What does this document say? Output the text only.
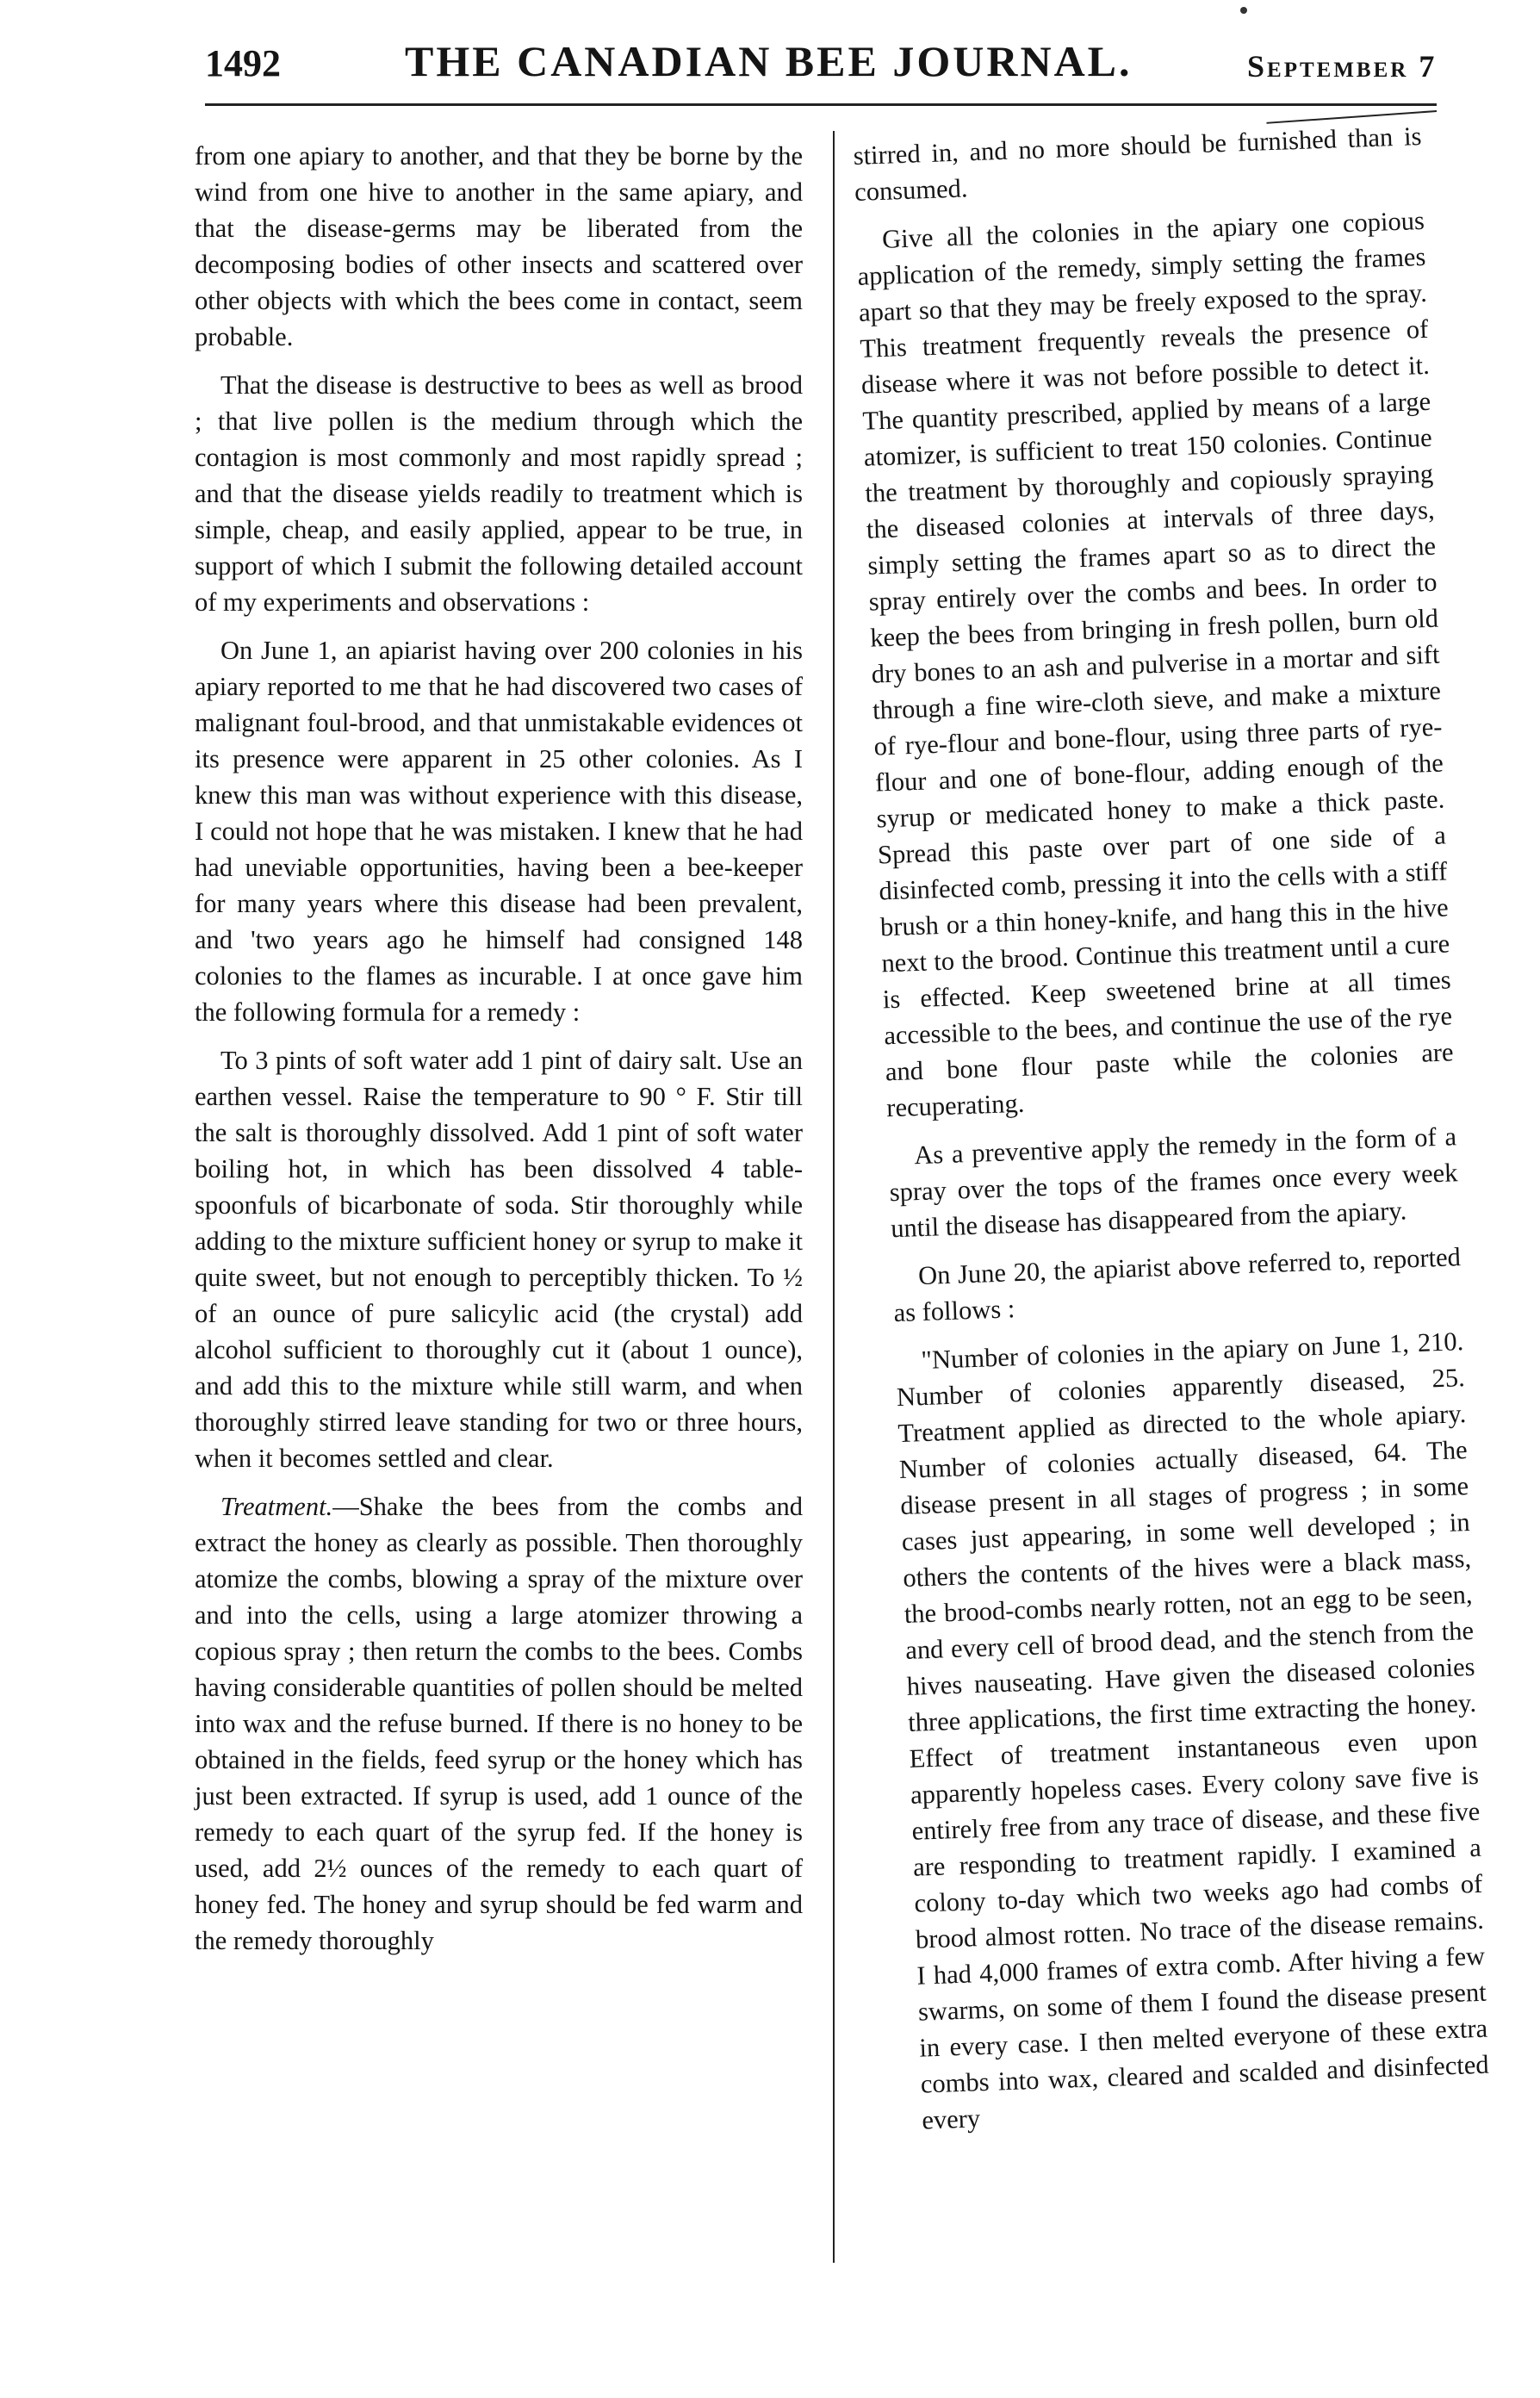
1492	THE CANADIAN BEE JOURNAL.	September 7

from one apiary to another, and that they be borne by the wind from one hive to another in the same apiary, and that the disease-germs may be liberated from the decomposing bodies of other insects and scattered over other objects with which the bees come in contact, seem probable.

That the disease is destructive to bees as well as brood ; that live pollen is the medium through which the contagion is most commonly and most rapidly spread ; and that the disease yields readily to treatment which is simple, cheap, and easily applied, appear to be true, in support of which I submit the following detailed account of my experiments and observations :

On June 1, an apiarist having over 200 colonies in his apiary reported to me that he had discovered two cases of malignant foul-brood, and that unmistakable evidences ot its presence were apparent in 25 other colonies. As I knew this man was without experience with this disease, I could not hope that he was mistaken. I knew that he had had uneviable opportunities, having been a bee-keeper for many years where this disease had been prevalent, and 'two years ago he himself had consigned 148 colonies to the flames as incurable. I at once gave him the following formula for a remedy :

To 3 pints of soft water add 1 pint of dairy salt. Use an earthen vessel. Raise the temperature to 90 ° F. Stir till the salt is thoroughly dissolved. Add 1 pint of soft water boiling hot, in which has been dissolved 4 table-spoonfuls of bicarbonate of soda. Stir thoroughly while adding to the mixture sufficient honey or syrup to make it quite sweet, but not enough to perceptibly thicken. To ½ of an ounce of pure salicylic acid (the crystal) add alcohol sufficient to thoroughly cut it (about 1 ounce), and add this to the mixture while still warm, and when thoroughly stirred leave standing for two or three hours, when it becomes settled and clear.

Treatment.—Shake the bees from the combs and extract the honey as clearly as possible. Then thoroughly atomize the combs, blowing a spray of the mixture over and into the cells, using a large atomizer throwing a copious spray ; then return the combs to the bees. Combs having considerable quantities of pollen should be melted into wax and the refuse burned. If there is no honey to be obtained in the fields, feed syrup or the honey which has just been extracted. If syrup is used, add 1 ounce of the remedy to each quart of the syrup fed. If the honey is used, add 2½ ounces of the remedy to each quart of honey fed. The honey and syrup should be fed warm and the remedy thoroughly

stirred in, and no more should be furnished than is consumed.

Give all the colonies in the apiary one copious application of the remedy, simply setting the frames apart so that they may be freely exposed to the spray. This treatment frequently reveals the presence of disease where it was not before possible to detect it. The quantity prescribed, applied by means of a large atomizer, is sufficient to treat 150 colonies. Continue the treatment by thoroughly and copiously spraying the diseased colonies at intervals of three days, simply setting the frames apart so as to direct the spray entirely over the combs and bees. In order to keep the bees from bringing in fresh pollen, burn old dry bones to an ash and pulverise in a mortar and sift through a fine wire-cloth sieve, and make a mixture of rye-flour and bone-flour, using three parts of rye-flour and one of bone-flour, adding enough of the syrup or medicated honey to make a thick paste. Spread this paste over part of one side of a disinfected comb, pressing it into the cells with a stiff brush or a thin honey-knife, and hang this in the hive next to the brood. Continue this treatment until a cure is effected. Keep sweetened brine at all times accessible to the bees, and continue the use of the rye and bone flour paste while the colonies are recuperating.

As a preventive apply the remedy in the form of a spray over the tops of the frames once every week until the disease has disappeared from the apiary.

On June 20, the apiarist above referred to, reported as follows :

"Number of colonies in the apiary on June 1, 210. Number of colonies apparently diseased, 25. Treatment applied as directed to the whole apiary. Number of colonies actually diseased, 64. The disease present in all stages of progress ; in some cases just appearing, in some well developed ; in others the contents of the hives were a black mass, the brood-combs nearly rotten, not an egg to be seen, and every cell of brood dead, and the stench from the hives nauseating. Have given the diseased colonies three applications, the first time extracting the honey. Effect of treatment instantaneous even upon apparently hopeless cases. Every colony save five is entirely free from any trace of disease, and these five are responding to treatment rapidly. I examined a colony to-day which two weeks ago had combs of brood almost rotten. No trace of the disease remains. I had 4,000 frames of extra comb. After hiving a few swarms, on some of them I found the disease present in every case. I then melted everyone of these extra combs into wax, cleared and scalded and disinfected every
